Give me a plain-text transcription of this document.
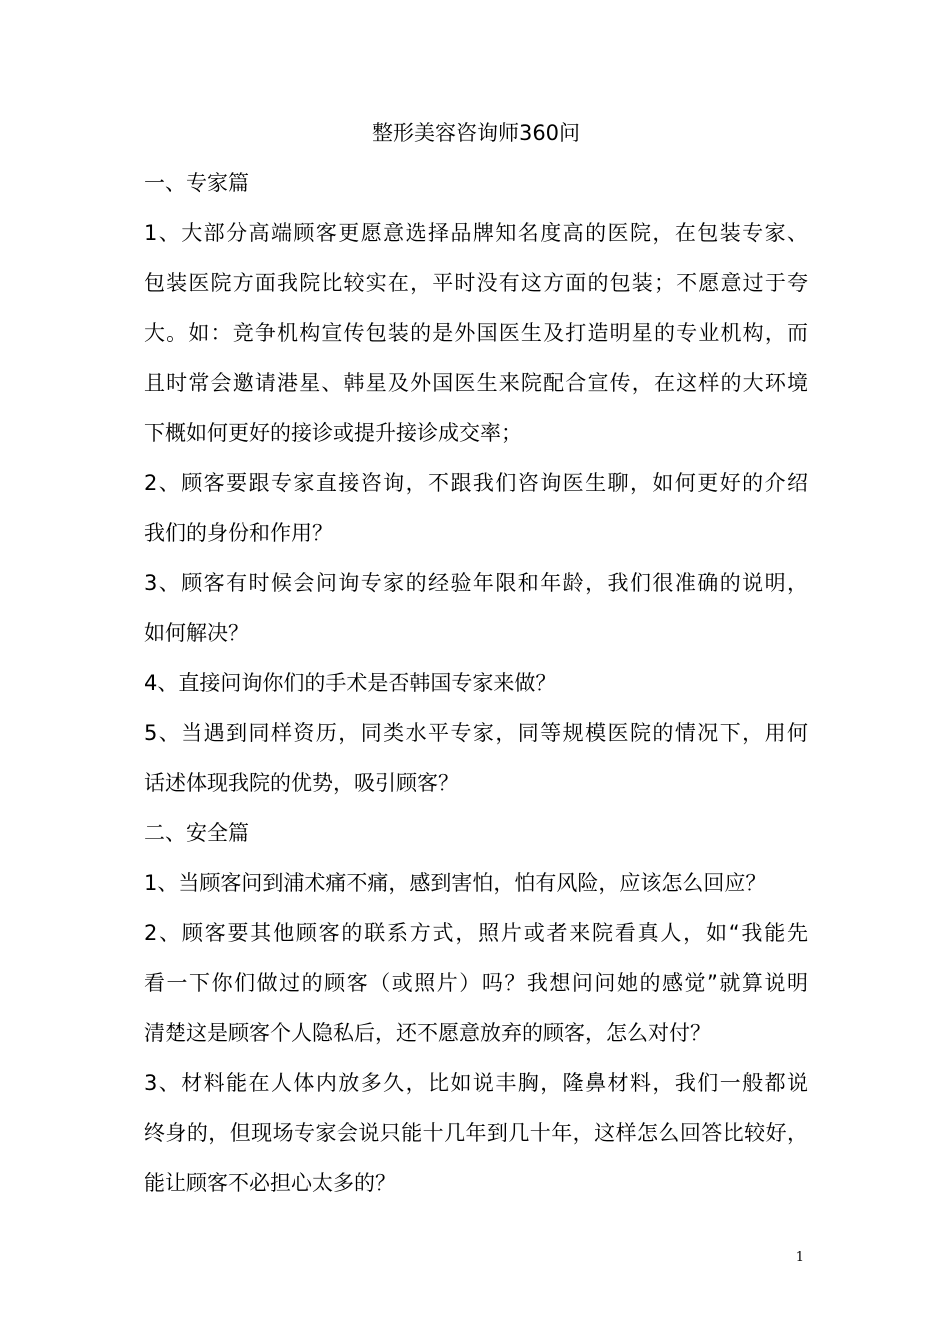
整形美容咨询师360问
一、专家篇
1、大部分高端顾客更愿意选择品牌知名度高的医院，在包装专家、
包装医院方面我院比较实在，平时没有这方面的包装；不愿意过于夸
大。如：竞争机构宣传包装的是外国医生及打造明星的专业机构，而
且时常会邀请港星、韩星及外国医生来院配合宣传，在这样的大环境
下概如何更好的接诊或提升接诊成交率；
2、顾客要跟专家直接咨询，不跟我们咨询医生聊，如何更好的介绍
我们的身份和作用？
3、顾客有时候会问询专家的经验年限和年龄，我们很准确的说明，
如何解决？
4、直接问询你们的手术是否韩国专家来做？
5、当遇到同样资历，同类水平专家，同等规模医院的情况下，用何
话述体现我院的优势，吸引顾客？
二、安全篇
1、当顾客问到浦术痛不痛，感到害怕，怕有风险，应该怎么回应？
2、顾客要其他顾客的联系方式，照片或者来院看真人，如“我能先
看一下你们做过的顾客（或照片）吗？我想问问她的感觉”就算说明
清楚这是顾客个人隐私后，还不愿意放弃的顾客，怎么对付？
3、材料能在人体内放多久，比如说丰胸，隆鼻材料，我们一般都说
终身的，但现场专家会说只能十几年到几十年，这样怎么回答比较好，
能让顾客不必担心太多的？
1
